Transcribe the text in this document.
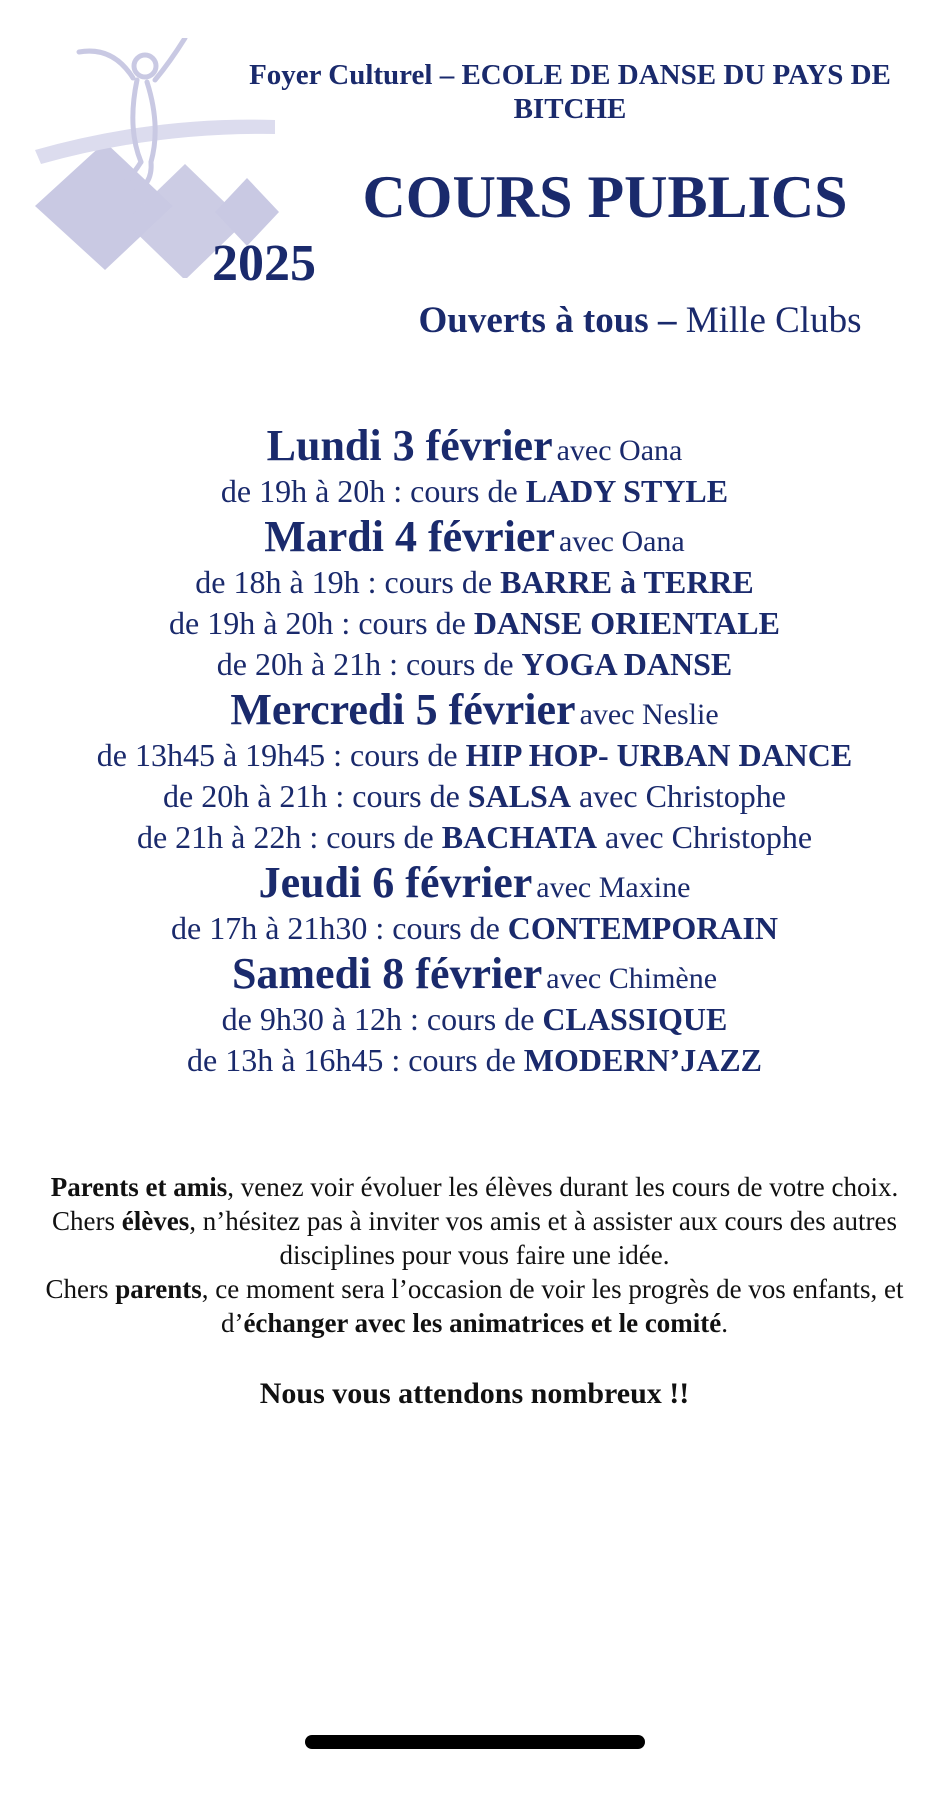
Foyer Culturel – ECOLE DE DANSE DU PAYS DE BITCHE
COURS PUBLICS
2025
Ouverts à tous – Mille Clubs
Lundi 3 février avec Oana
de 19h à 20h : cours de LADY STYLE
Mardi 4 février avec Oana
de 18h à 19h : cours de BARRE à TERRE
de 19h à 20h : cours de DANSE ORIENTALE
de 20h à 21h : cours de YOGA DANSE
Mercredi 5 février avec Neslie
de 13h45 à 19h45 : cours de HIP HOP- URBAN DANCE
de 20h à 21h : cours de SALSA avec Christophe
de 21h à 22h : cours de BACHATA avec Christophe
Jeudi 6 février avec Maxine
de 17h à 21h30 : cours de CONTEMPORAIN
Samedi 8 février avec Chimène
de 9h30 à 12h : cours de CLASSIQUE
de 13h à 16h45 : cours de MODERN’JAZZ

Parents et amis, venez voir évoluer les élèves durant les cours de votre choix.

Chers élèves, n’hésitez pas à inviter vos amis et à assister aux cours des autres disciplines pour vous faire une idée.

Chers parents, ce moment sera l’occasion de voir les progrès de vos enfants, et d’échanger avec les animatrices et le comité.

Nous vous attendons nombreux !!
